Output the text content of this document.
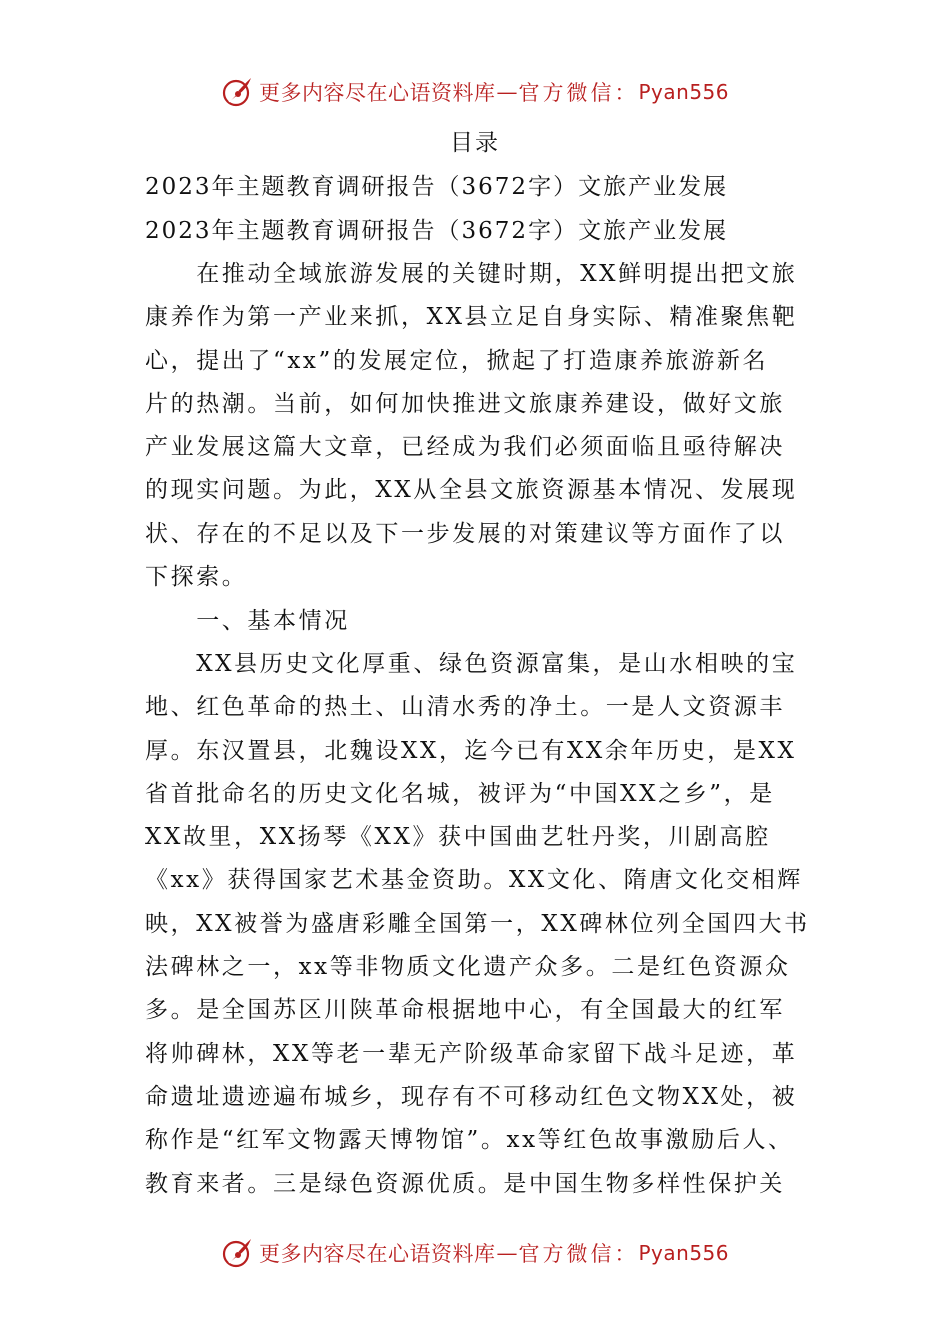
更多内容尽在心语资料库 — 官方微信： Pyan556
目录
2023年主题教育调研报告（3672字）文旅产业发展
2023年主题教育调研报告（3672字）文旅产业发展
　　在推动全域旅游发展的关键时期，XX鲜明提出把文旅
康养作为第一产业来抓，XX县立足自身实际、精准聚焦靶
心，提出了“xx”的发展定位，掀起了打造康养旅游新名
片的热潮。当前，如何加快推进文旅康养建设，做好文旅
产业发展这篇大文章，已经成为我们必须面临且亟待解决
的现实问题。为此，XX从全县文旅资源基本情况、发展现
状、存在的不足以及下一步发展的对策建议等方面作了以
下探索。
　　一、基本情况
　　XX县历史文化厚重、绿色资源富集，是山水相映的宝
地、红色革命的热土、山清水秀的净土。一是人文资源丰
厚。东汉置县，北魏设XX，迄今已有XX余年历史，是XX
省首批命名的历史文化名城，被评为“中国XX之乡”，是
XX故里，XX扬琴《XX》获中国曲艺牡丹奖，川剧高腔
《xx》获得国家艺术基金资助。XX文化、隋唐文化交相辉
映，XX被誉为盛唐彩雕全国第一，XX碑林位列全国四大书
法碑林之一，xx等非物质文化遗产众多。二是红色资源众
多。是全国苏区川陕革命根据地中心，有全国最大的红军
将帅碑林，XX等老一辈无产阶级革命家留下战斗足迹，革
命遗址遗迹遍布城乡，现存有不可移动红色文物XX处，被
称作是“红军文物露天博物馆”。xx等红色故事激励后人、
教育来者。三是绿色资源优质。是中国生物多样性保护关
更多内容尽在心语资料库 — 官方微信： Pyan556
